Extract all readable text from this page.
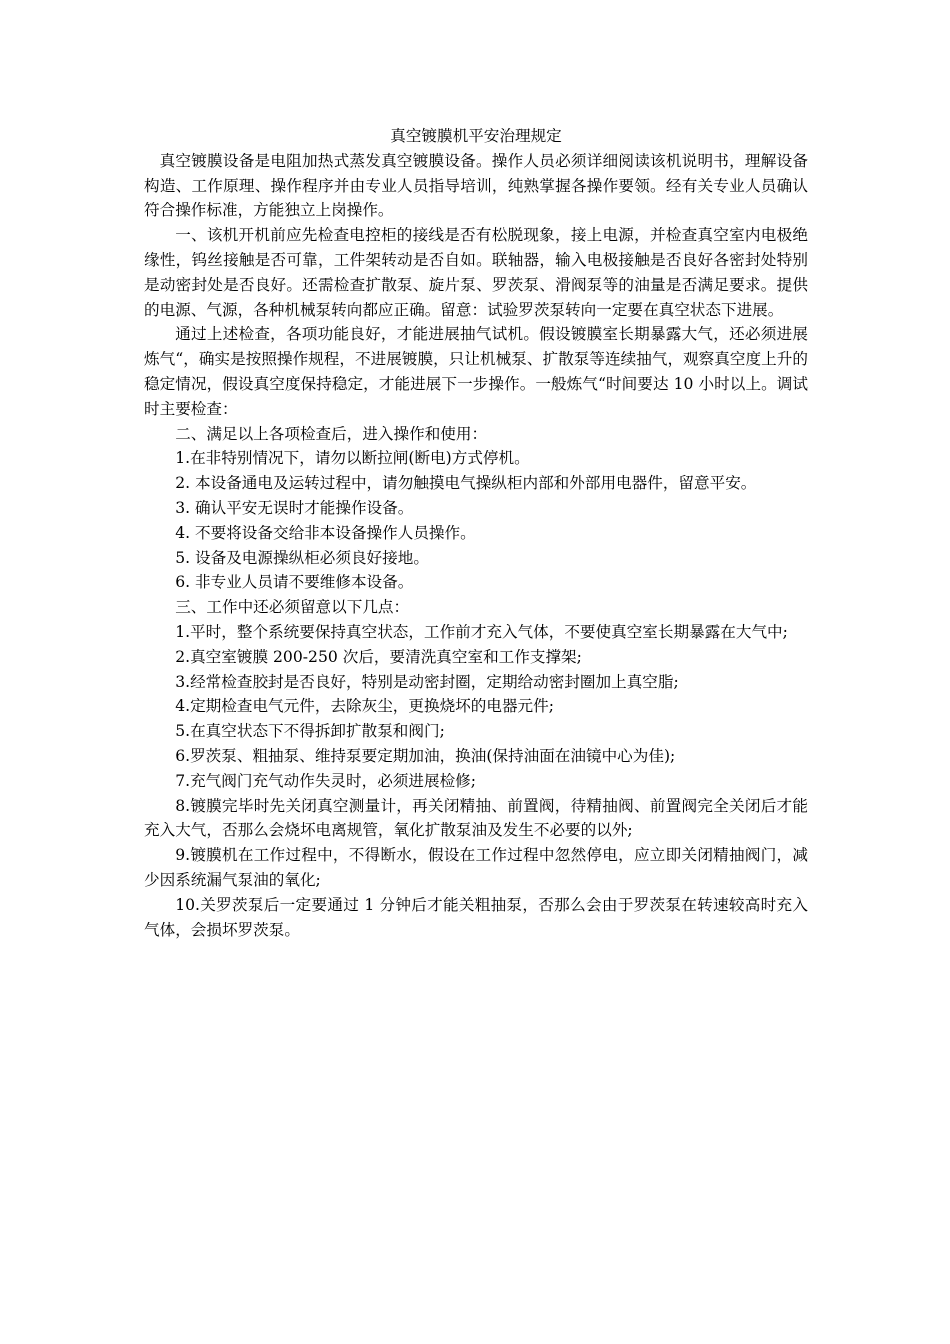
真空镀膜机平安治理规定

真空镀膜设备是电阻加热式蒸发真空镀膜设备。操作人员必须详细阅读该机说明书，理解设备构造、工作原理、操作程序并由专业人员指导培训，纯熟掌握各操作要领。经有关专业人员确认符合操作标准，方能独立上岗操作。

一、该机开机前应先检查电控柜的接线是否有松脱现象，接上电源，并检查真空室内电极绝缘性，钨丝接触是否可靠，工件架转动是否自如。联轴器，输入电极接触是否良好各密封处特别是动密封处是否良好。还需检查扩散泵、旋片泵、罗茨泵、滑阀泵等的油量是否满足要求。提供的电源、气源，各种机械泵转向都应正确。留意：试验罗茨泵转向一定要在真空状态下进展。

通过上述检查，各项功能良好，才能进展抽气试机。假设镀膜室长期暴露大气，还必须进展炼气“，确实是按照操作规程，不进展镀膜，只让机械泵、扩散泵等连续抽气，观察真空度上升的稳定情况，假设真空度保持稳定，才能进展下一步操作。一般炼气“时间要达 10 小时以上。调试时主要检查：

二、满足以上各项检查后，进入操作和使用：

1.在非特别情况下，请勿以断拉闸(断电)方式停机。

2. 本设备通电及运转过程中，请勿触摸电气操纵柜内部和外部用电器件，留意平安。

3. 确认平安无误时才能操作设备。

4. 不要将设备交给非本设备操作人员操作。

5. 设备及电源操纵柜必须良好接地。

6. 非专业人员请不要维修本设备。

三、工作中还必须留意以下几点：

1.平时，整个系统要保持真空状态，工作前才充入气体，不要使真空室长期暴露在大气中;

2.真空室镀膜 200-250 次后，要清洗真空室和工作支撑架;

3.经常检查胶封是否良好，特别是动密封圈，定期给动密封圈加上真空脂;

4.定期检查电气元件，去除灰尘，更换烧坏的电器元件;

5.在真空状态下不得拆卸扩散泵和阀门;

6.罗茨泵、粗抽泵、维持泵要定期加油，换油(保持油面在油镜中心为佳);

7.充气阀门充气动作失灵时，必须进展检修;

8.镀膜完毕时先关闭真空测量计，再关闭精抽、前置阀，待精抽阀、前置阀完全关闭后才能充入大气，否那么会烧坏电离规管，氧化扩散泵油及发生不必要的以外;

9.镀膜机在工作过程中，不得断水，假设在工作过程中忽然停电，应立即关闭精抽阀门，减少因系统漏气泵油的氧化;

10.关罗茨泵后一定要通过 1 分钟后才能关粗抽泵，否那么会由于罗茨泵在转速较高时充入气体，会损坏罗茨泵。
